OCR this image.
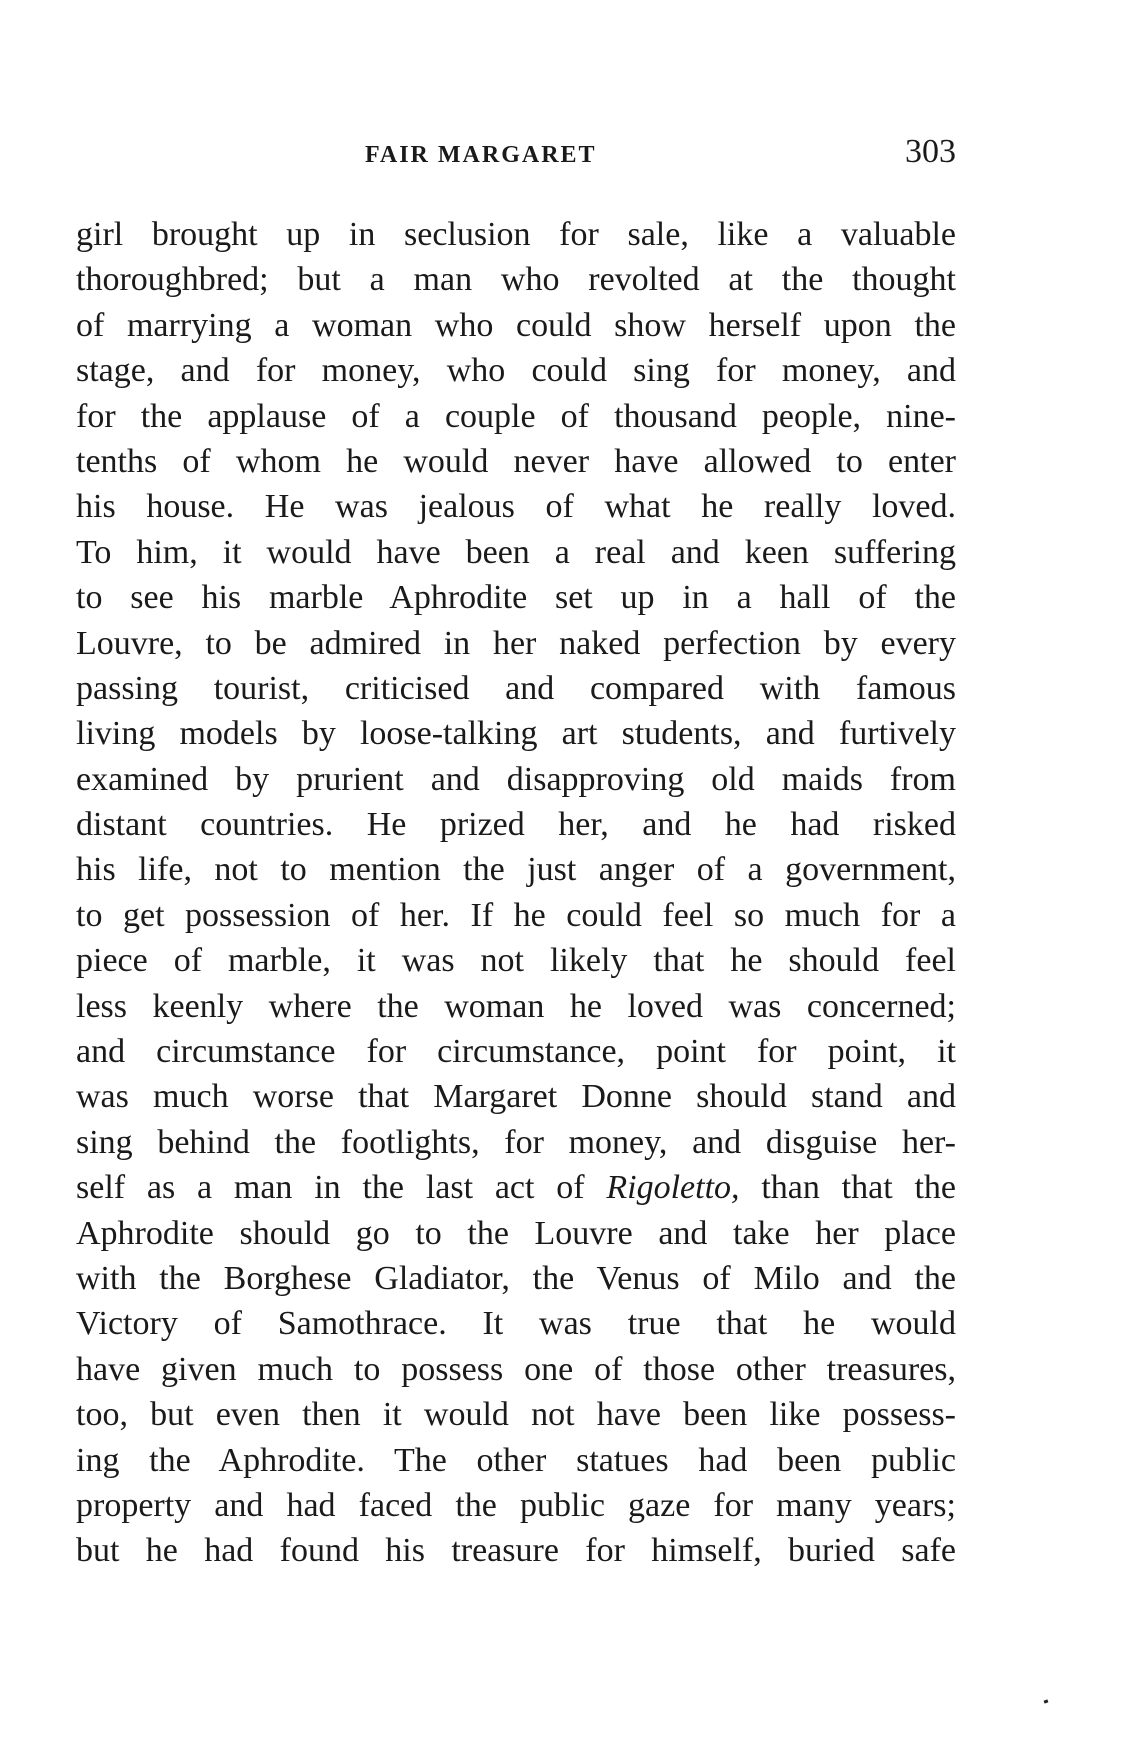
FAIR MARGARET	303
girl brought up in seclusion for sale, like a valuable
thoroughbred; but a man who revolted at the thought
of marrying a woman who could show herself upon the
stage, and for money, who could sing for money, and
for the applause of a couple of thousand people, nine-
tenths of whom he would never have allowed to enter
his house. He was jealous of what he really loved.
To him, it would have been a real and keen suffering
to see his marble Aphrodite set up in a hall of the
Louvre, to be admired in her naked perfection by every
passing tourist, criticised and compared with famous
living models by loose-talking art students, and furtively
examined by prurient and disapproving old maids from
distant countries. He prized her, and he had risked
his life, not to mention the just anger of a government,
to get possession of her. If he could feel so much for a
piece of marble, it was not likely that he should feel
less keenly where the woman he loved was concerned;
and circumstance for circumstance, point for point, it
was much worse that Margaret Donne should stand and
sing behind the footlights, for money, and disguise her-
self as a man in the last act of Rigoletto, than that the
Aphrodite should go to the Louvre and take her place
with the Borghese Gladiator, the Venus of Milo and the
Victory of Samothrace. It was true that he would
have given much to possess one of those other treasures,
too, but even then it would not have been like possess-
ing the Aphrodite. The other statues had been public
property and had faced the public gaze for many years;
but he had found his treasure for himself, buried safe
